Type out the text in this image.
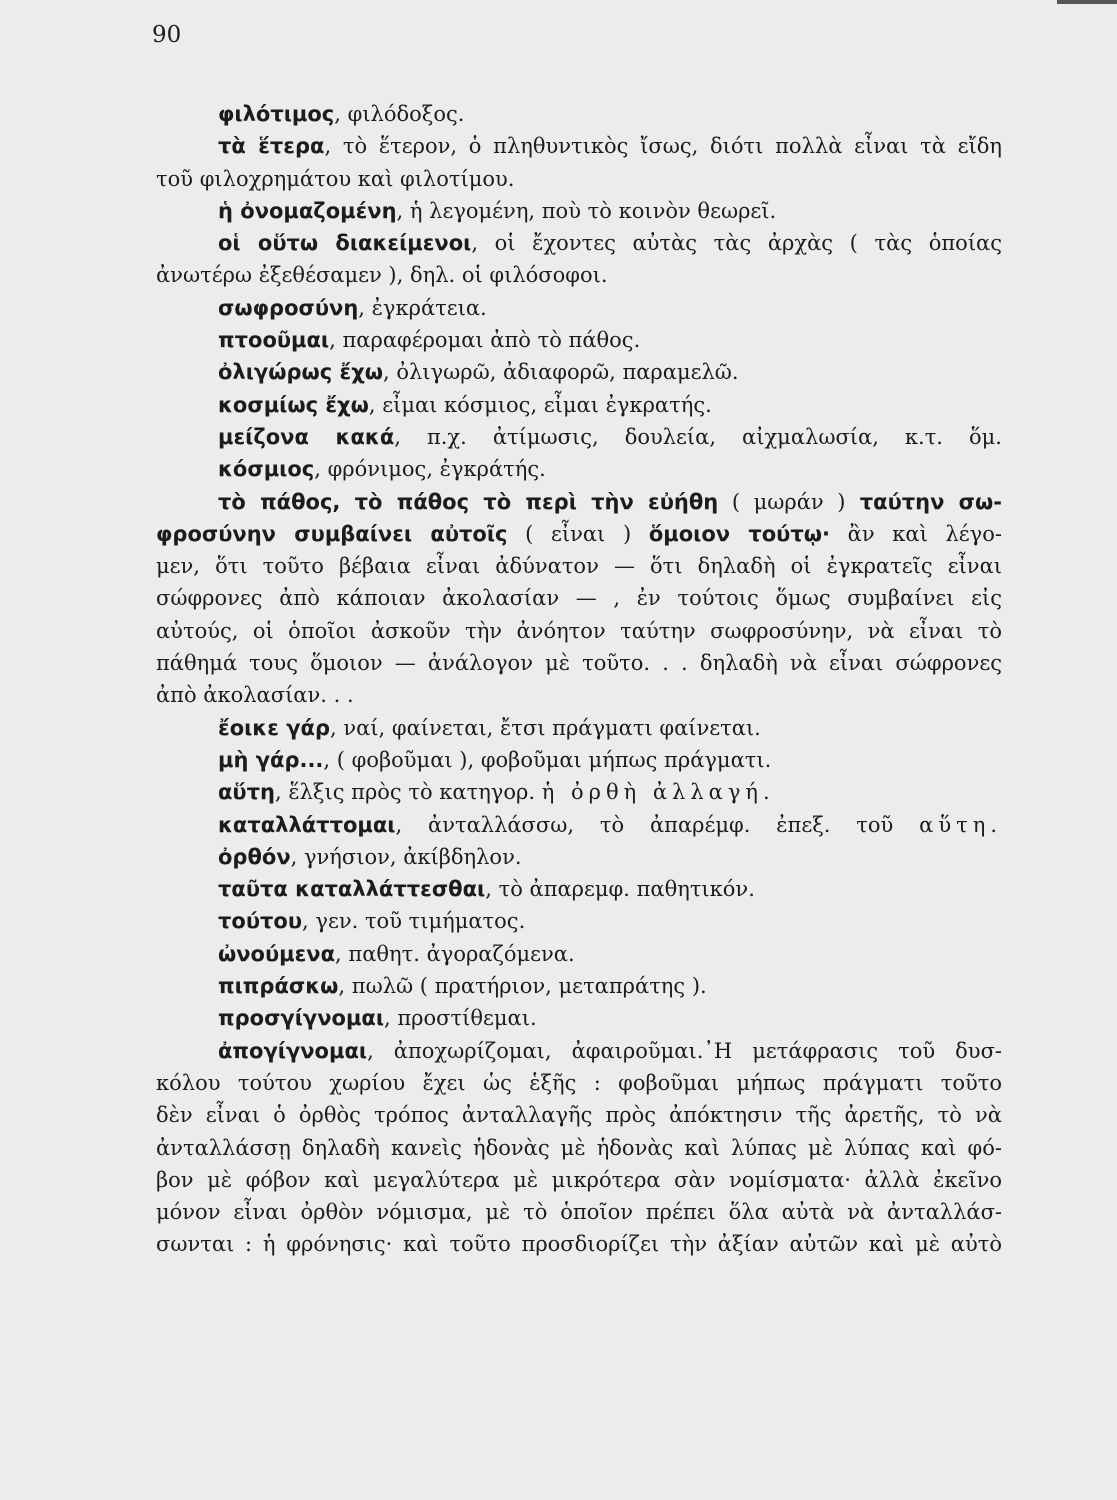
90
φιλότιμος, φιλόδοξος.
τὰ ἕτερα, τὸ ἕτερον, ὁ πληθυντικὸς ἴσως, διότι πολλὰ εἶναι τὰ εἴδη
τοῦ φιλοχρημάτου καὶ φιλοτίμου.
ἡ ὀνομαζομένη, ἡ λεγομένη, ποὺ τὸ κοινὸν θεωρεῖ.
οἱ οὕτω διακείμενοι, οἱ ἔχοντες αὐτὰς τὰς ἀρχὰς ( τὰς ὁποίας
ἀνωτέρω ἐξεθέσαμεν ), δηλ. οἱ φιλόσοφοι.
σωφροσύνη, ἐγκράτεια.
πτοοῦμαι, παραφέρομαι ἀπὸ τὸ πάθος.
ὀλιγώρως ἔχω, ὀλιγωρῶ, ἀδιαφορῶ, παραμελῶ.
κοσμίως ἔχω, εἶμαι κόσμιος, εἶμαι ἐγκρατής.
μείζονα κακά, π.χ. ἀτίμωσις, δουλεία, αἰχμαλωσία, κ.τ. ὅμ.
κόσμιος, φρόνιμος, ἐγκράτής.
τὸ πάθος, τὸ πάθος τὸ περὶ τὴν εὐήθη ( μωράν ) ταύτην σω-
φροσύνην συμβαίνει αὐτοῖς ( εἶναι ) ὅμοιον τούτῳ· ἂν καὶ λέγο-
μεν, ὅτι τοῦτο βέβαια εἶναι ἀδύνατον — ὅτι δηλαδὴ οἱ ἐγκρατεῖς εἶναι
σώφρονες ἀπὸ κάποιαν ἀκολασίαν — , ἐν τούτοις ὅμως συμβαίνει εἰς
αὐτούς, οἱ ὁποῖοι ἀσκοῦν τὴν ἀνόητον ταύτην σωφροσύνην, νὰ εἶναι τὸ
πάθημά τους ὅμοιον — ἀνάλογον μὲ τοῦτο. . . δηλαδὴ νὰ εἶναι σώφρονες
ἀπὸ ἀκολασίαν. . .
ἔοικε γάρ, ναί, φαίνεται, ἔτσι πράγματι φαίνεται.
μὴ γάρ..., ( φοβοῦμαι ), φοβοῦμαι μήπως πράγματι.
αὕτη, ἕλξις πρὸς τὸ κατηγορ. ἡ ὀρθὴ ἀλλαγή.
καταλλάττομαι, ἀνταλλάσσω, τὸ ἀπαρέμφ. ἐπεξ. τοῦ αὕτη.
ὀρθόν, γνήσιον, ἀκίβδηλον.
ταῦτα καταλλάττεσθαι, τὸ ἀπαρεμφ. παθητικόν.
τούτου, γεν. τοῦ τιμήματος.
ὠνούμενα, παθητ. ἀγοραζόμενα.
πιπράσκω, πωλῶ ( πρατήριον, μεταπράτης ).
προσγίγνομαι, προστίθεμαι.
ἀπογίγνομαι, ἀποχωρίζομαι, ἀφαιροῦμαι.᾿Η μετάφρασις τοῦ δυσ-
κόλου τούτου χωρίου ἔχει ὡς ἑξῆς : φοβοῦμαι μήπως πράγματι τοῦτο
δὲν εἶναι ὁ ὀρθὸς τρόπος ἀνταλλαγῆς πρὸς ἀπόκτησιν τῆς ἀρετῆς, τὸ νὰ
ἀνταλλάσσῃ δηλαδὴ κανεὶς ἡδονὰς μὲ ἡδονὰς καὶ λύπας μὲ λύπας καὶ φό-
βον μὲ φόβον καὶ μεγαλύτερα μὲ μικρότερα σὰν νομίσματα· ἀλλὰ ἐκεῖνο
μόνον εἶναι ὀρθὸν νόμισμα, μὲ τὸ ὁποῖον πρέπει ὅλα αὐτὰ νὰ ἀνταλλάσ-
σωνται : ἡ φρόνησις· καὶ τοῦτο προσδιορίζει τὴν ἀξίαν αὐτῶν καὶ μὲ αὐτὸ
